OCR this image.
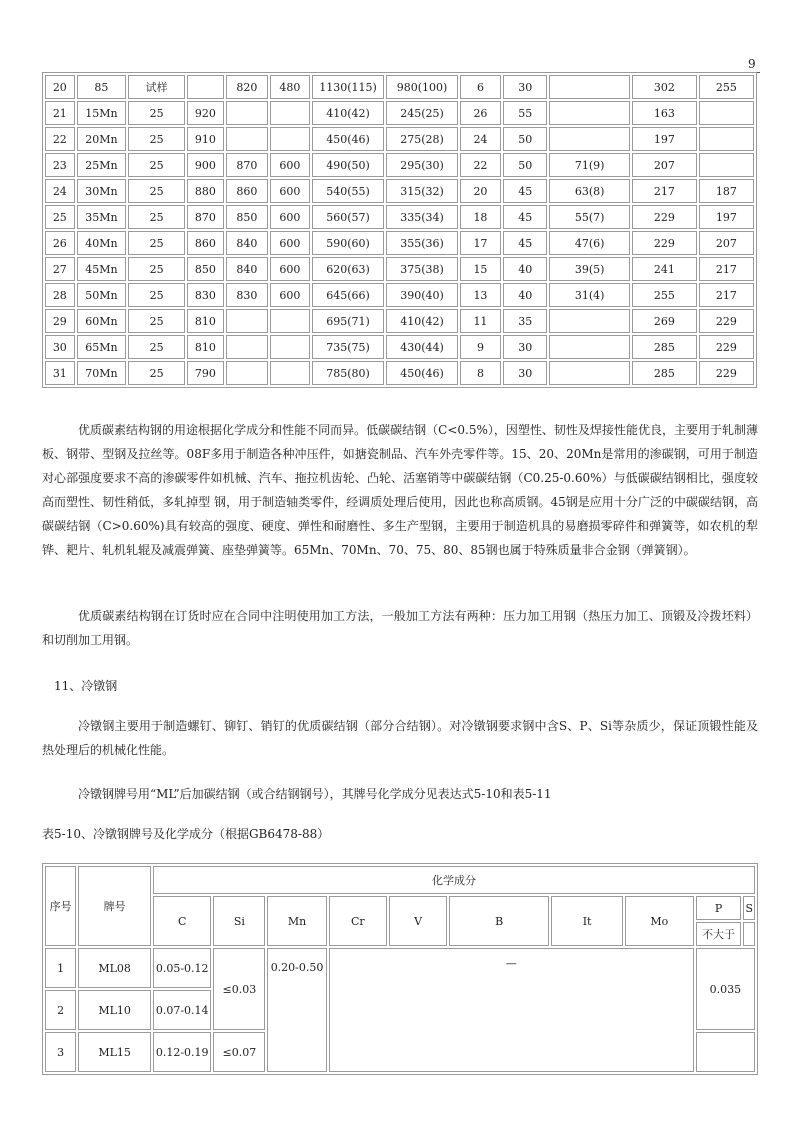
9
20	85	试样		820	480	1130(115)	980(100)	6	30		302	255
21	15Mn	25	920			410(42)	245(25)	26	55		163	
22	20Mn	25	910			450(46)	275(28)	24	50		197	
23	25Mn	25	900	870	600	490(50)	295(30)	22	50	71(9)	207	
24	30Mn	25	880	860	600	540(55)	315(32)	20	45	63(8)	217	187
25	35Mn	25	870	850	600	560(57)	335(34)	18	45	55(7)	229	197
26	40Mn	25	860	840	600	590(60)	355(36)	17	45	47(6)	229	207
27	45Mn	25	850	840	600	620(63)	375(38)	15	40	39(5)	241	217
28	50Mn	25	830	830	600	645(66)	390(40)	13	40	31(4)	255	217
29	60Mn	25	810			695(71)	410(42)	11	35		269	229
30	65Mn	25	810			735(75)	430(44)	9	30		285	229
31	70Mn	25	790			785(80)	450(46)	8	30		285	229

优质碳素结构钢的用途根据化学成分和性能不同而异。低碳碳结钢（C<0.5%），因塑性、韧性及焊接性能优良，主要用于轧制薄板、钢带、型钢及拉丝等。08F多用于制造各种冲压件，如搪瓷制品、汽车外壳零件等。15、20、20Mn是常用的渗碳钢，可用于制造对心部强度要求不高的渗碳零件如机械、汽车、拖拉机齿轮、凸轮、活塞销等中碳碳结钢（C0.25-0.60%）与低碳碳结钢相比，强度较高而塑性、韧性稍低，多轧掉型 钢，用于制造轴类零件，经调质处理后使用，因此也称高质钢。45钢是应用十分广泛的中碳碳结钢，高碳碳结钢（C>0.60%)具有较高的强度、硬度、弹性和耐磨性、多生产型钢，主要用于制造机具的易磨损零碎件和弹簧等，如农机的犁铧、耙片、轧机轧辊及减震弹簧、座垫弹簧等。65Mn、70Mn、70、75、80、85钢也属于特殊质量非合金钢（弹簧钢）。

优质碳素结构钢在订货时应在合同中注明使用加工方法，一般加工方法有两种：压力加工用钢（热压力加工、顶锻及冷拨坯料）和切削加工用钢。

11、冷镦钢

冷镦钢主要用于制造螺钉、铆钉、销钉的优质碳结钢（部分合结钢）。对冷镦钢要求钢中含S、P、Si等杂质少，保证顶锻性能及热处理后的机械化性能。

冷镦钢牌号用“ML”后加碳结钢（或合结钢钢号），其牌号化学成分见表达式5-10和表5-11

表5-10、冷镦钢牌号及化学成分（根据GB6478-88）

序号	牌号	化学成分									
		C	Si	Mn	Cr	V	B	It	Mo	P	S
										不大于	
1	ML08	0.05-0.12	≤0.03	0.20-0.50	—					0.035	
2	ML10	0.07-0.14									
3	ML15	0.12-0.19	≤0.07								
